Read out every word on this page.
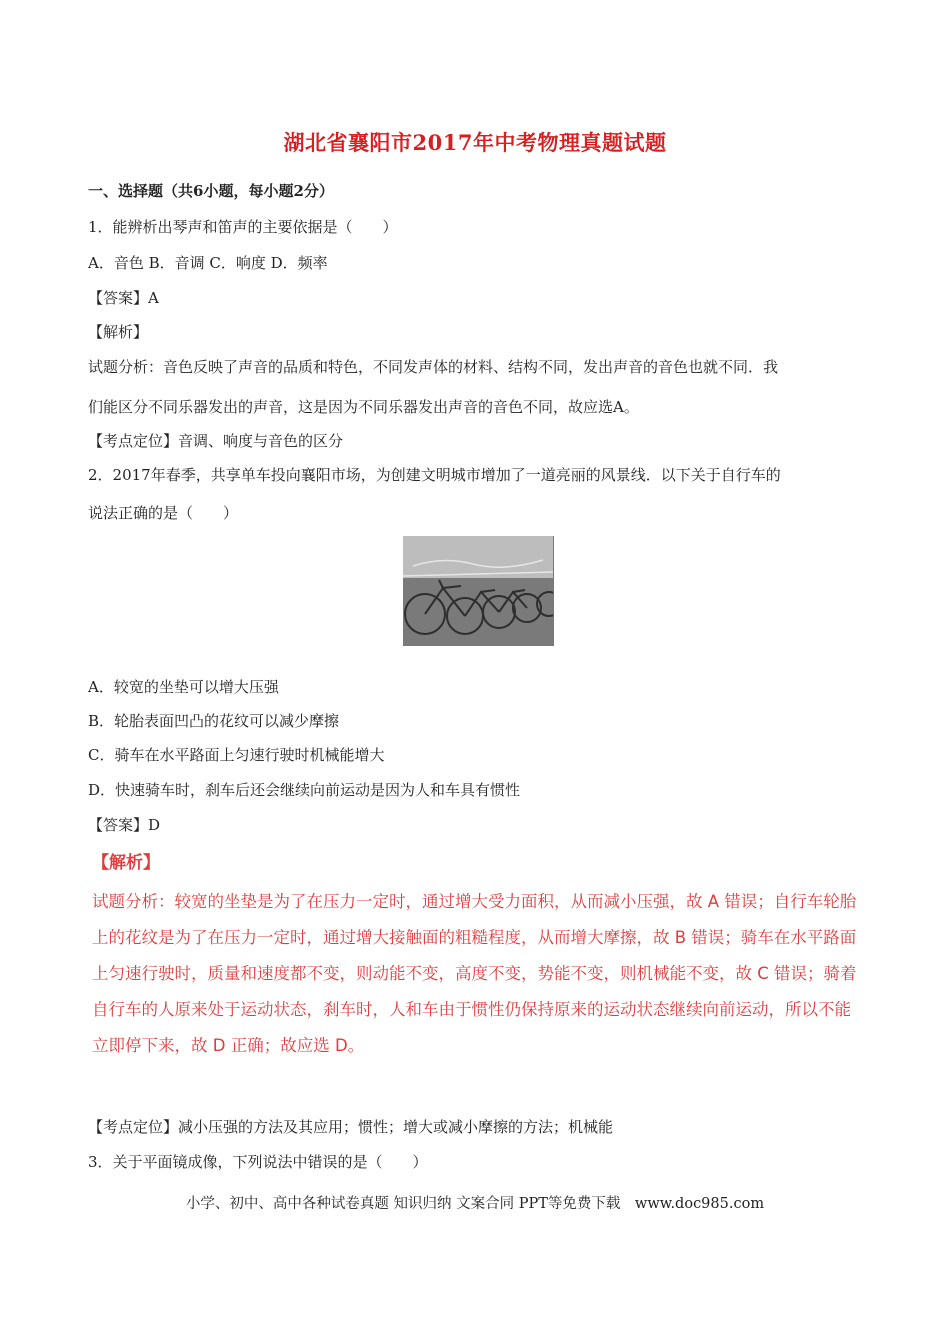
湖北省襄阳市2017年中考物理真题试题
一、选择题（共6小题，每小题2分）
1．能辨析出琴声和笛声的主要依据是（　　）
A．音色 B．音调 C．响度 D．频率
【答案】A
【解析】
试题分析：音色反映了声音的品质和特色，不同发声体的材料、结构不同，发出声音的音色也就不同．我
们能区分不同乐器发出的声音，这是因为不同乐器发出声音的音色不同，故应选A。
【考点定位】音调、响度与音色的区分
2．2017年春季，共享单车投向襄阳市场，为创建文明城市增加了一道亮丽的风景线．以下关于自行车的
说法正确的是（　　）
A．较宽的坐垫可以增大压强
B．轮胎表面凹凸的花纹可以减少摩擦
C．骑车在水平路面上匀速行驶时机械能增大
D．快速骑车时，刹车后还会继续向前运动是因为人和车具有惯性
【答案】D
【解析】
试题分析：较宽的坐垫是为了在压力一定时，通过增大受力面积，从而减小压强，故 A 错误；自行车轮胎
上的花纹是为了在压力一定时，通过增大接触面的粗糙程度，从而增大摩擦，故 B 错误；骑车在水平路面
上匀速行驶时，质量和速度都不变，则动能不变，高度不变，势能不变，则机械能不变，故 C 错误；骑着
自行车的人原来处于运动状态，刹车时，人和车由于惯性仍保持原来的运动状态继续向前运动，所以不能
立即停下来，故 D 正确；故应选 D。
【考点定位】减小压强的方法及其应用；惯性；增大或减小摩擦的方法；机械能
3．关于平面镜成像，下列说法中错误的是（　　）
小学、初中、高中各种试卷真题 知识归纳 文案合同 PPT等免费下载　www.doc985.com
